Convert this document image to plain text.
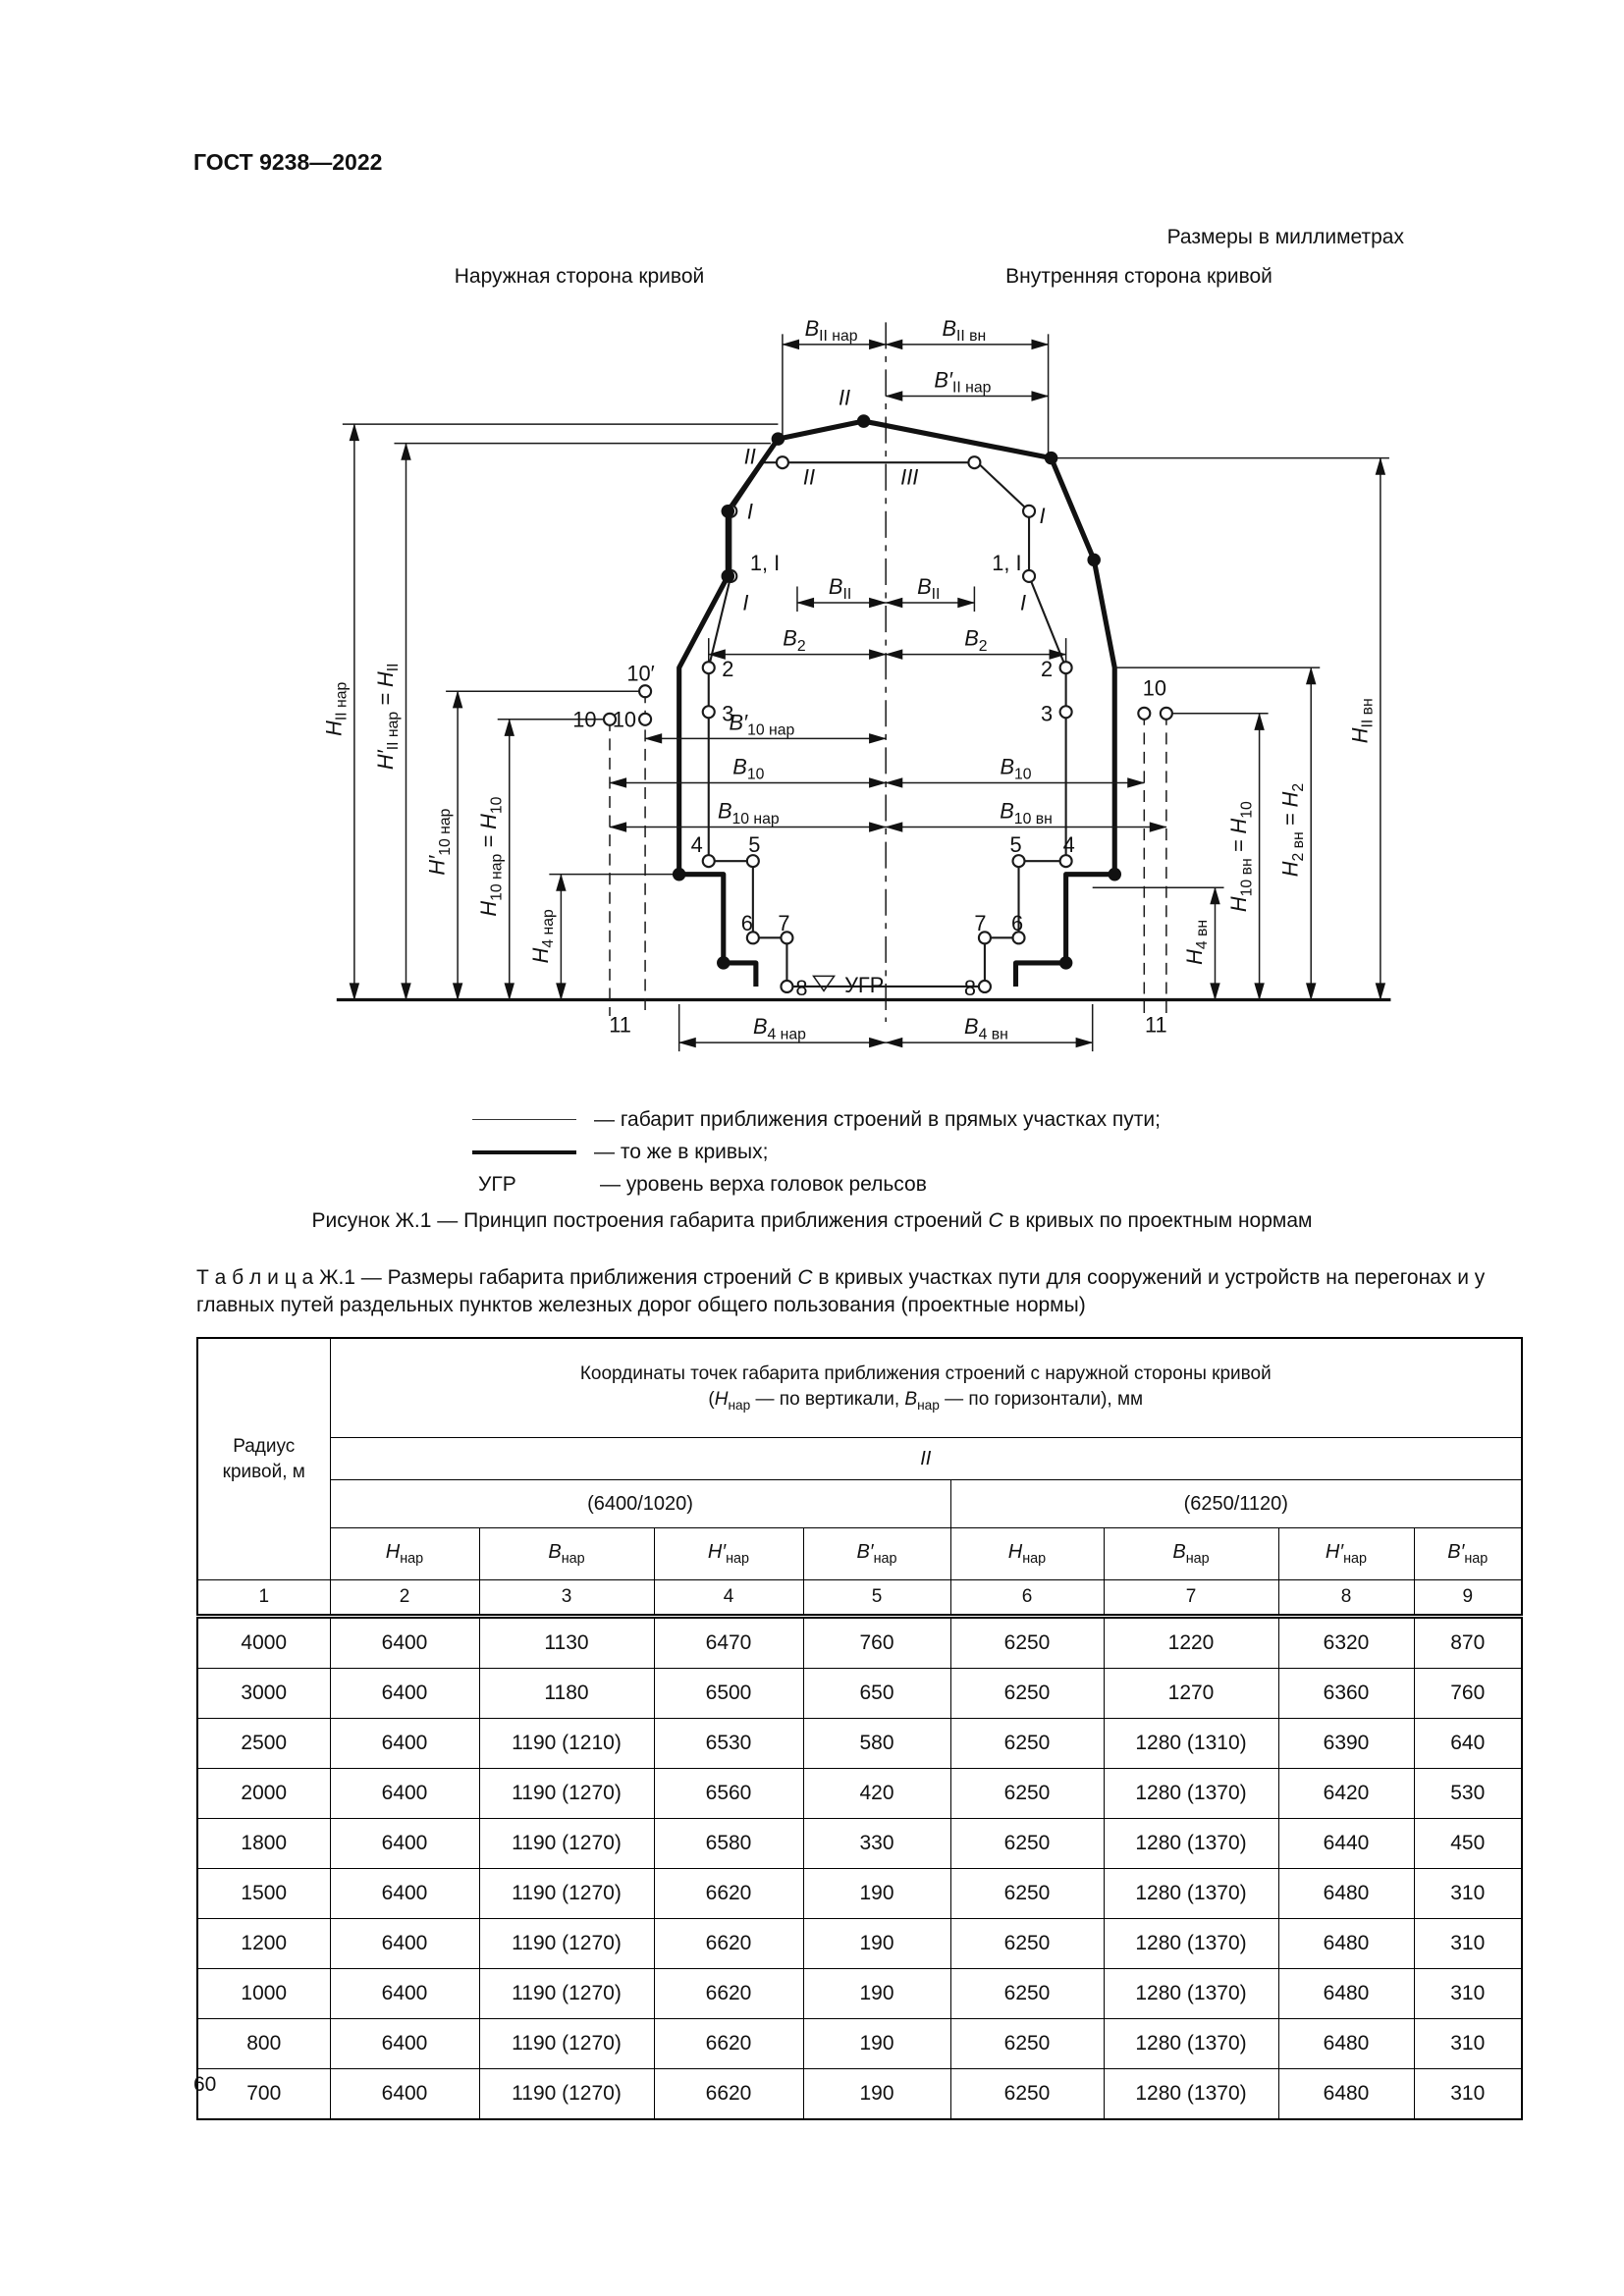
ГОСТ 9238—2022
Размеры в миллиметрах
Наружная сторона кривой	Внутренняя сторона кривой
$B_{II нар}$	$B_{II вн}$
$B'_{II нар}$
$B_{II}$	$B_{II}$
$B_2$	$B_2$
$B'_{10 нар}$
$B_{10}$	$B_{10}$
$B_{10 нар}$	$B_{10 вн}$
$B_{4 нар}$	$B_{4 вн}$
$H_{II нар}$
$H'_{II нар} = H_{II}$
$H'_{10 нар}$
$H_{10 нар} = H_{10}$
$H_{4 нар}$
$H_{4 вн}$
$H_{10 вн} = H_{10}$
$H_{2 вн} = H_2$
$H_{II вн}$
II
II
II	III
I	I
1, I	1, I
I	I
2	2
3	3
4	5	5	4
6 7	7 6
8	8
УГР
10′
10 10
10
11	11
— габарит приближения строений в прямых участках пути;
— то же в кривых;
УГР	— уровень верха головок рельсов
Рисунок Ж.1 — Принцип построения габарита приближения строений С в кривых по проектным нормам
Т а б л и ц а Ж.1 — Размеры габарита приближения строений С в кривых участках пути для сооружений и устройств на перегонах и у главных путей раздельных пунктов железных дорог общего пользования (проектные нормы)
Радиус кривой, м	Координаты точек габарита приближения строений с наружной стороны кривой
($H_{нар}$ — по вертикали, $B_{нар}$ — по горизонтали), мм							

	II							
	(6400/1020)				(6250/1120)			
	$H_{нар}$	$B_{нар}$	$H'_{нар}$	$B'_{нар}$	$H_{нар}$	$B_{нар}$	$H'_{нар}$	$B'_{нар}$
1	2	3	4	5	6	7	8	9
4000	6400	1130	6470	760	6250	1220	6320	870
3000	6400	1180	6500	650	6250	1270	6360	760
2500	6400	1190 (1210)	6530	580	6250	1280 (1310)	6390	640
2000	6400	1190 (1270)	6560	420	6250	1280 (1370)	6420	530
1800	6400	1190 (1270)	6580	330	6250	1280 (1370)	6440	450
1500	6400	1190 (1270)	6620	190	6250	1280 (1370)	6480	310
1200	6400	1190 (1270)	6620	190	6250	1280 (1370)	6480	310
1000	6400	1190 (1270)	6620	190	6250	1280 (1370)	6480	310
800	6400	1190 (1270)	6620	190	6250	1280 (1370)	6480	310
700	6400	1190 (1270)	6620	190	6250	1280 (1370)	6480	310
60
